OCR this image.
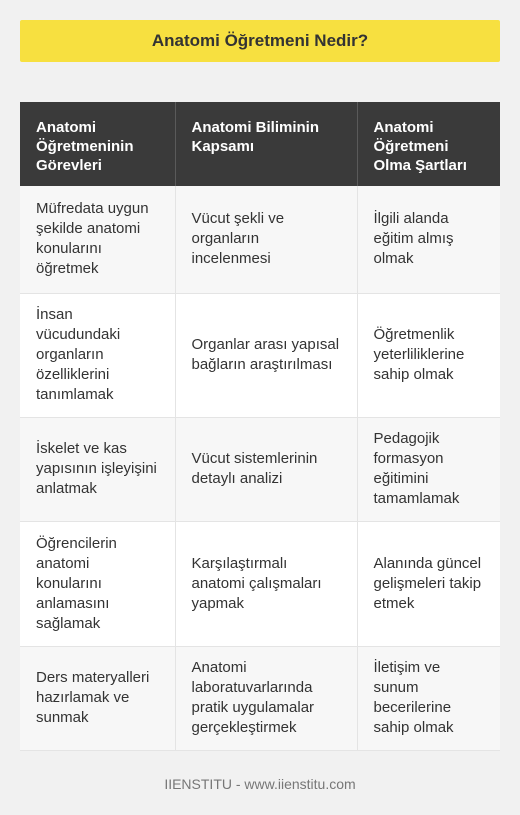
Anatomi Öğretmeni Nedir?
Anatomi Öğretmeninin Görevleri	Anatomi Biliminin Kapsamı	Anatomi Öğretmeni Olma Şartları
Müfredata uygun şekilde anatomi konularını öğretmek	Vücut şekli ve organların incelenmesi	İlgili alanda eğitim almış olmak
İnsan vücudundaki organların özelliklerini tanımlamak	Organlar arası yapısal bağların araştırılması	Öğretmenlik yeterliliklerine sahip olmak
İskelet ve kas yapısının işleyişini anlatmak	Vücut sistemlerinin detaylı analizi	Pedagojik formasyon eğitimini tamamlamak
Öğrencilerin anatomi konularını anlamasını sağlamak	Karşılaştırmalı anatomi çalışmaları yapmak	Alanında güncel gelişmeleri takip etmek
Ders materyalleri hazırlamak ve sunmak	Anatomi laboratuvarlarında pratik uygulamalar gerçekleştirmek	İletişim ve sunum becerilerine sahip olmak
IIENSTITU - www.iienstitu.com
